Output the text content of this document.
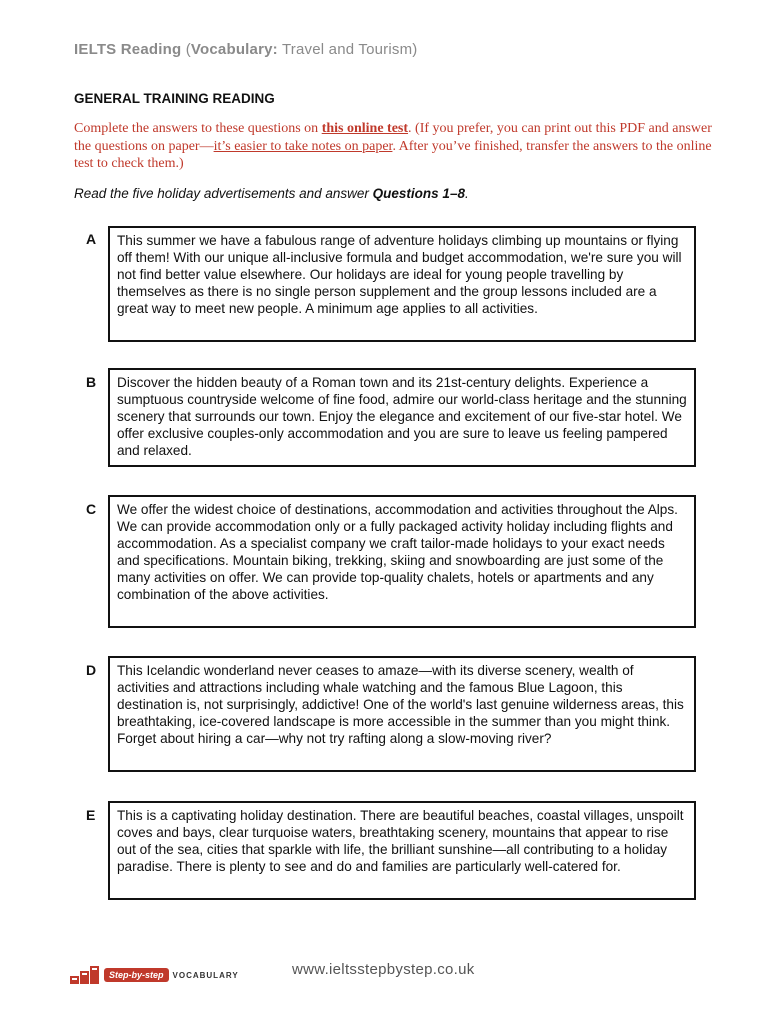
IELTS Reading (Vocabulary: Travel and Tourism)
GENERAL TRAINING READING
Complete the answers to these questions on this online test. (If you prefer, you can print out this PDF and answer the questions on paper—it’s easier to take notes on paper. After you’ve finished, transfer the answers to the online test to check them.)
Read the five holiday advertisements and answer Questions 1–8.
A	This summer we have a fabulous range of adventure holidays climbing up mountains or flying off them! With our unique all-inclusive formula and budget accommodation, we're sure you will not find better value elsewhere. Our holidays are ideal for young people travelling by themselves as there is no single person supplement and the group lessons included are a great way to meet new people. A minimum age applies to all activities.
B	Discover the hidden beauty of a Roman town and its 21st-century delights. Experience a sumptuous countryside welcome of fine food, admire our world-class heritage and the stunning scenery that surrounds our town. Enjoy the elegance and excitement of our five-star hotel. We offer exclusive couples-only accommodation and you are sure to leave us feeling pampered and relaxed.
C	We offer the widest choice of destinations, accommodation and activities throughout the Alps. We can provide accommodation only or a fully packaged activity holiday including flights and accommodation. As a specialist company we craft tailor-made holidays to your exact needs and specifications. Mountain biking, trekking, skiing and snowboarding are just some of the many activities on offer. We can provide top-quality chalets, hotels or apartments and any combination of the above activities.
D	This Icelandic wonderland never ceases to amaze—with its diverse scenery, wealth of activities and attractions including whale watching and the famous Blue Lagoon, this destination is, not surprisingly, addictive! One of the world's last genuine wilderness areas, this breathtaking, ice-covered landscape is more accessible in the summer than you might think. Forget about hiring a car—why not try rafting along a slow-moving river?
E	This is a captivating holiday destination. There are beautiful beaches, coastal villages, unspoilt coves and bays, clear turquoise waters, breathtaking scenery, mountains that appear to rise out of the sea, cities that sparkle with life, the brilliant sunshine—all contributing to a holiday paradise. There is plenty to see and do and families are particularly well-catered for.
Step-by-step	VOCABULARY	www.ieltsstepbystep.co.uk
